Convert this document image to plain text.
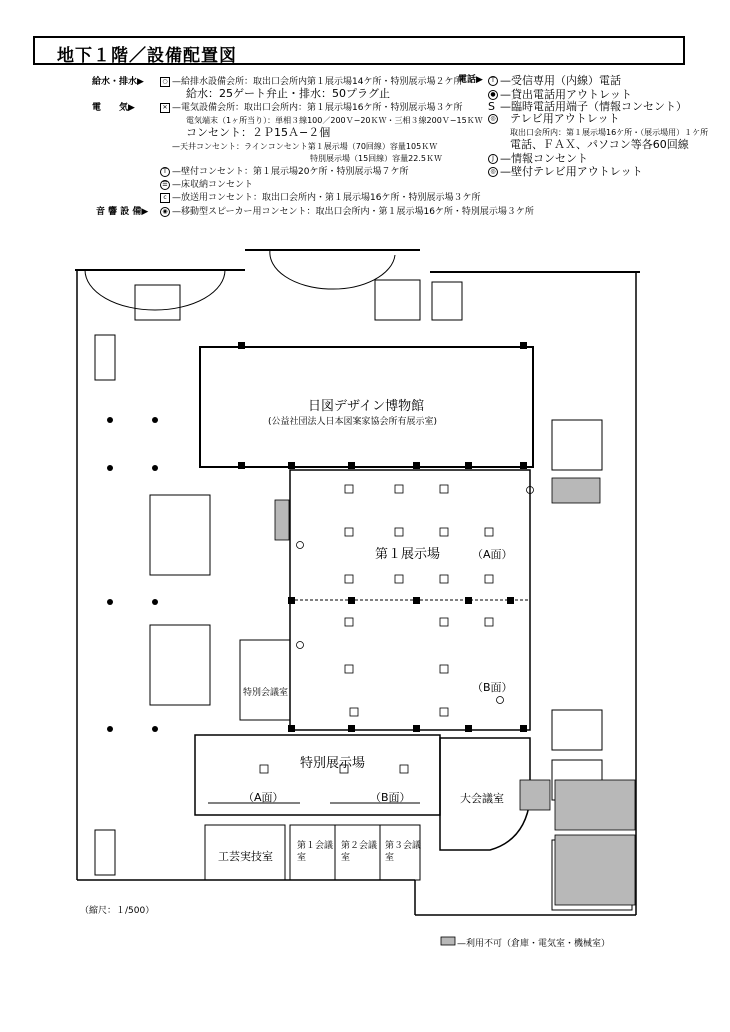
地下１階／設備配置図
給水・排水▶	○ —給排水設備会所：取出口会所内第１展示場14ケ所・特別展示場２ケ所
給水：25ゲート弁止・排水：50プラグ止
電　　気▶	✕ —電気設備会所：取出口会所内：第１展示場16ケ所・特別展示場３ケ所
電気端末（1ヶ所当り）：単相３線100／200Ｖ−20ＫＷ・三相３線200Ｖ−15ＫＷ
コンセント：２Ｐ15Ａ−２個
—天井コンセント：ラインコンセント第１展示場（70回線）容量105ＫＷ
特別展示場（15回線）容量22.5ＫＷ
T —壁付コンセント：第１展示場20ケ所・特別展示場７ケ所
☰ —床収納コンセント
c —放送用コンセント：取出口会所内・第１展示場16ケ所・特別展示場３ケ所
音 響 設 備▶	◉ —移動型スピーカー用コンセント：取出口会所内・第１展示場16ケ所・特別展示場３ケ所
電話▶	T —受信専用（内線）電話
● —貸出電話用アウトレット
S —臨時電話用端子（情報コンセント）
◎ テレビ用アウトレット
取出口会所内：第１展示場16ケ所・（展示場用）１ケ所
電話、ＦＡＸ、パソコン等各60回線
J —情報コンセント
◎ —壁付テレビ用アウトレット
日図デザイン博物館
(公益社団法人日本図案家協会所有展示室)
第１展示場	（A面）
（B面）
特別会議室
特別展示場
（A面）	（B面）	大会議室
工芸実技室
第１会議室
第２会議室
第３会議室
（縮尺：１/500）
—利用不可（倉庫・電気室・機械室）
